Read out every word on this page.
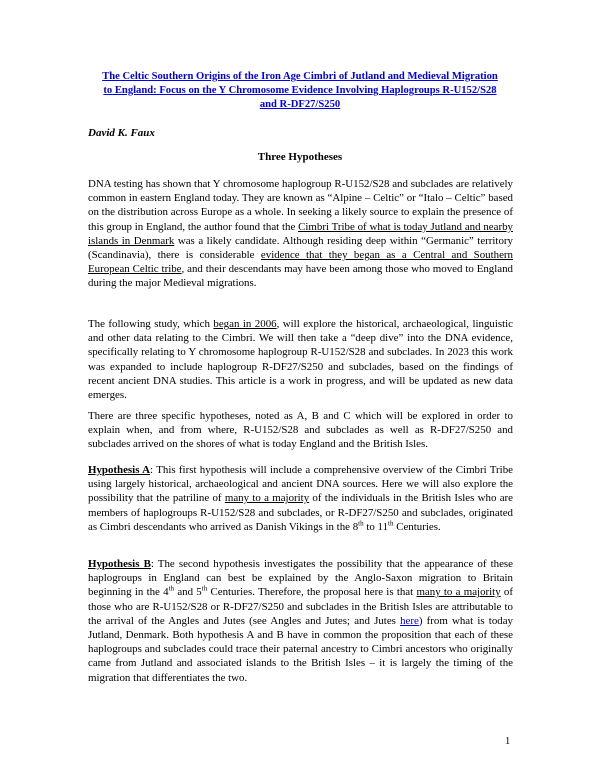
The Celtic Southern Origins of the Iron Age Cimbri of Jutland and Medieval Migration to England: Focus on the Y Chromosome Evidence Involving Haplogroups R-U152/S28 and R-DF27/S250
David K. Faux
Three Hypotheses

DNA testing has shown that Y chromosome haplogroup R-U152/S28 and subclades are relatively common in eastern England today. They are known as “Alpine – Celtic” or “Italo – Celtic” based on the distribution across Europe as a whole. In seeking a likely source to explain the presence of this group in England, the author found that the Cimbri Tribe of what is today Jutland and nearby islands in Denmark was a likely candidate. Although residing deep within “Germanic” territory (Scandinavia), there is considerable evidence that they began as a Central and Southern European Celtic tribe, and their descendants may have been among those who moved to England during the major Medieval migrations.

The following study, which began in 2006, will explore the historical, archaeological, linguistic and other data relating to the Cimbri. We will then take a “deep dive” into the DNA evidence, specifically relating to Y chromosome haplogroup R-U152/S28 and subclades. In 2023 this work was expanded to include haplogroup R-DF27/S250 and subclades, based on the findings of recent ancient DNA studies. This article is a work in progress, and will be updated as new data emerges.

There are three specific hypotheses, noted as A, B and C which will be explored in order to explain when, and from where, R-U152/S28 and subclades as well as R-DF27/S250 and subclades arrived on the shores of what is today England and the British Isles.

Hypothesis A: This first hypothesis will include a comprehensive overview of the Cimbri Tribe using largely historical, archaeological and ancient DNA sources. Here we will also explore the possibility that the patriline of many to a majority of the individuals in the British Isles who are members of haplogroups R-U152/S28 and subclades, or R-DF27/S250 and subclades, originated as Cimbri descendants who arrived as Danish Vikings in the 8th to 11th Centuries.

Hypothesis B: The second hypothesis investigates the possibility that the appearance of these haplogroups in England can best be explained by the Anglo-Saxon migration to Britain beginning in the 4th and 5th Centuries. Therefore, the proposal here is that many to a majority of those who are R-U152/S28 or R-DF27/S250 and subclades in the British Isles are attributable to the arrival of the Angles and Jutes (see Angles and Jutes; and Jutes here) from what is today Jutland, Denmark. Both hypothesis A and B have in common the proposition that each of these haplogroups and subclades could trace their paternal ancestry to Cimbri ancestors who originally came from Jutland and associated islands to the British Isles – it is largely the timing of the migration that differentiates the two.

1
